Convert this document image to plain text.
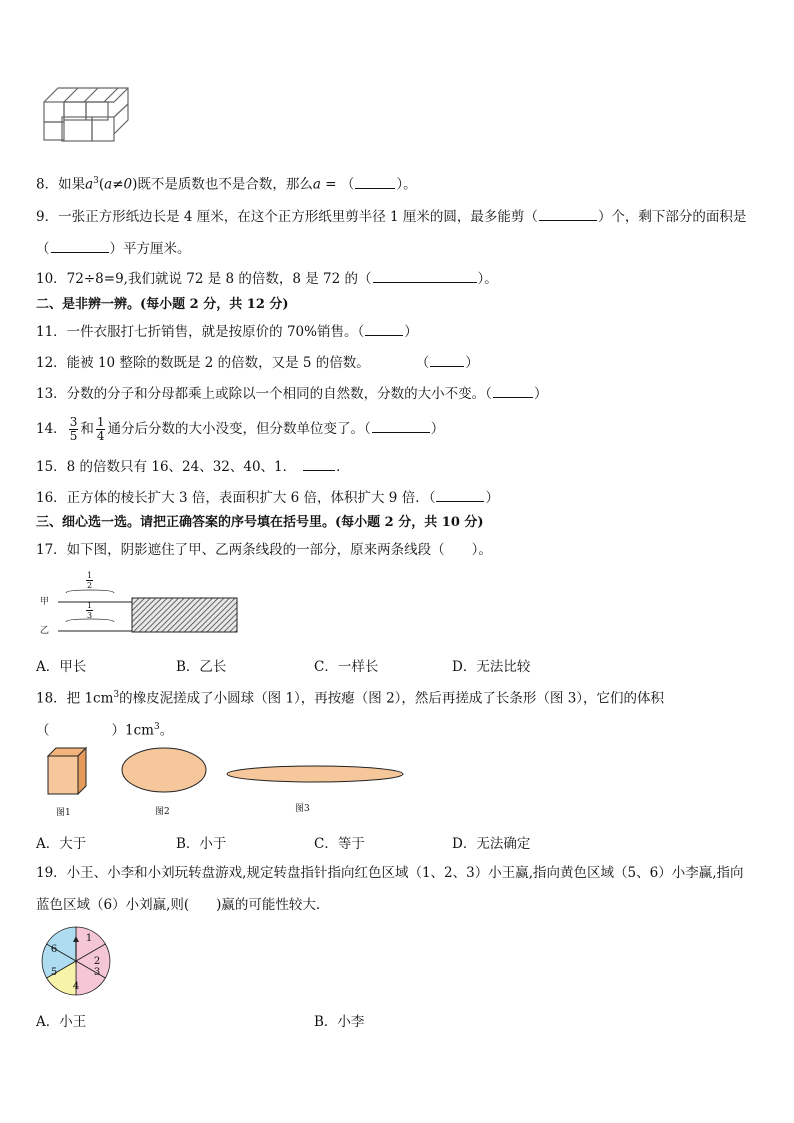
8．如果$a^3(a\ne 0)$既不是质数也不是合数，那么a = （	）。
9．一张正方形纸边长是 4 厘米，在这个正方形纸里剪半径 1 厘米的圆，最多能剪（	）个，剩下部分的面积是
（	）平方厘米。
10．72÷8=9,我们就说 72 是 8 的倍数，8 是 72 的（	）。
二、是非辨一辨。(每小题 2 分，共 12 分)
11．一件衣服打七折销售，就是按原价的 70%销售。（	）
12．能被 10 整除的数既是 2 的倍数，又是 5 的倍数。	（	）
13．分数的分子和分母都乘上或除以一个相同的自然数，分数的大小不变。（	）
14． $\frac{3}{5}$ 和 $\frac{1}{4}$ 通分后分数的大小没变，但分数单位变了。（	）
15．8 的倍数只有 16、24、32、40、1．	．
16．正方体的棱长扩大 3 倍，表面积扩大 6 倍，体积扩大 9 倍．（	）
三、细心选一选。请把正确答案的序号填在括号里。(每小题 2 分，共 10 分)
17．如下图，阴影遮住了甲、乙两条线段的一部分，原来两条线段（　　）。
甲
乙
$\frac{1}{2}$
$\frac{1}{3}$
A．甲长	B．乙长	C．一样长	D．无法比较
18．把 $1cm^3$的橡皮泥搓成了小圆球（图 1），再按瘪（图 2），然后再搓成了长条形（图 3），它们的体积
（	）$1cm^3$。
图1	图2	图3
A．大于	B．小于	C．等于	D．无法确定
19．小王、小李和小刘玩转盘游戏,规定转盘指针指向红色区域（1、2、3）小王赢,指向黄色区域（5、6）小李赢,指向
蓝色区域（6）小刘赢,则(　　)赢的可能性较大．
1
2
3
4
5
6
A．小王	B．小李
